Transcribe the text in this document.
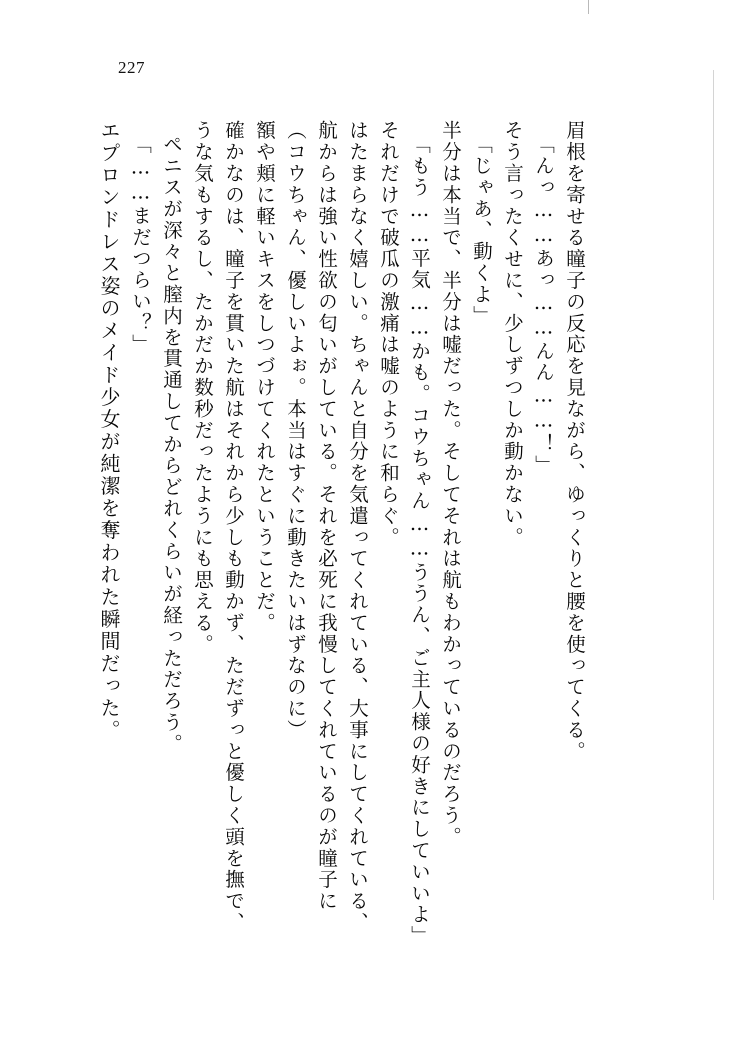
227
エプロンドレス姿のメイド少女が純潔を奪われた瞬間だった。 「……まだつらい？」 ペニスが深々と膣内を貫通してからどれくらいが経っただろう。 うな気もするし、たかだか数秒だったようにも思える。 確かなのは、瞳子を貫いた航はそれから少しも動かず、ただずっと優しく頭を撫で、 額や頬に軽いキスをしつづけてくれたということだ。 （コウちゃん、優しいよぉ。本当はすぐに動きたいはずなのに） 航からは強い性欲の匂いがしている。それを必死に我慢してくれているのが瞳子に はたまらなく嬉しい。ちゃんと自分を気遣ってくれている、大事にしてくれている、 それだけで破瓜の激痛は嘘のように和らぐ。 「もう……平気……かも。コウちゃん……ううん、ご主人様の好きにしていいよ」 半分は本当で、半分は嘘だった。そしてそれは航もわかっているのだろう。 「じゃあ、動くよ」 そう言ったくせに、少しずつしか動かない。 「んっ……あっ……んん……！」 眉根を寄せる瞳子の反応を見ながら、ゆっくりと腰を使ってくる。
